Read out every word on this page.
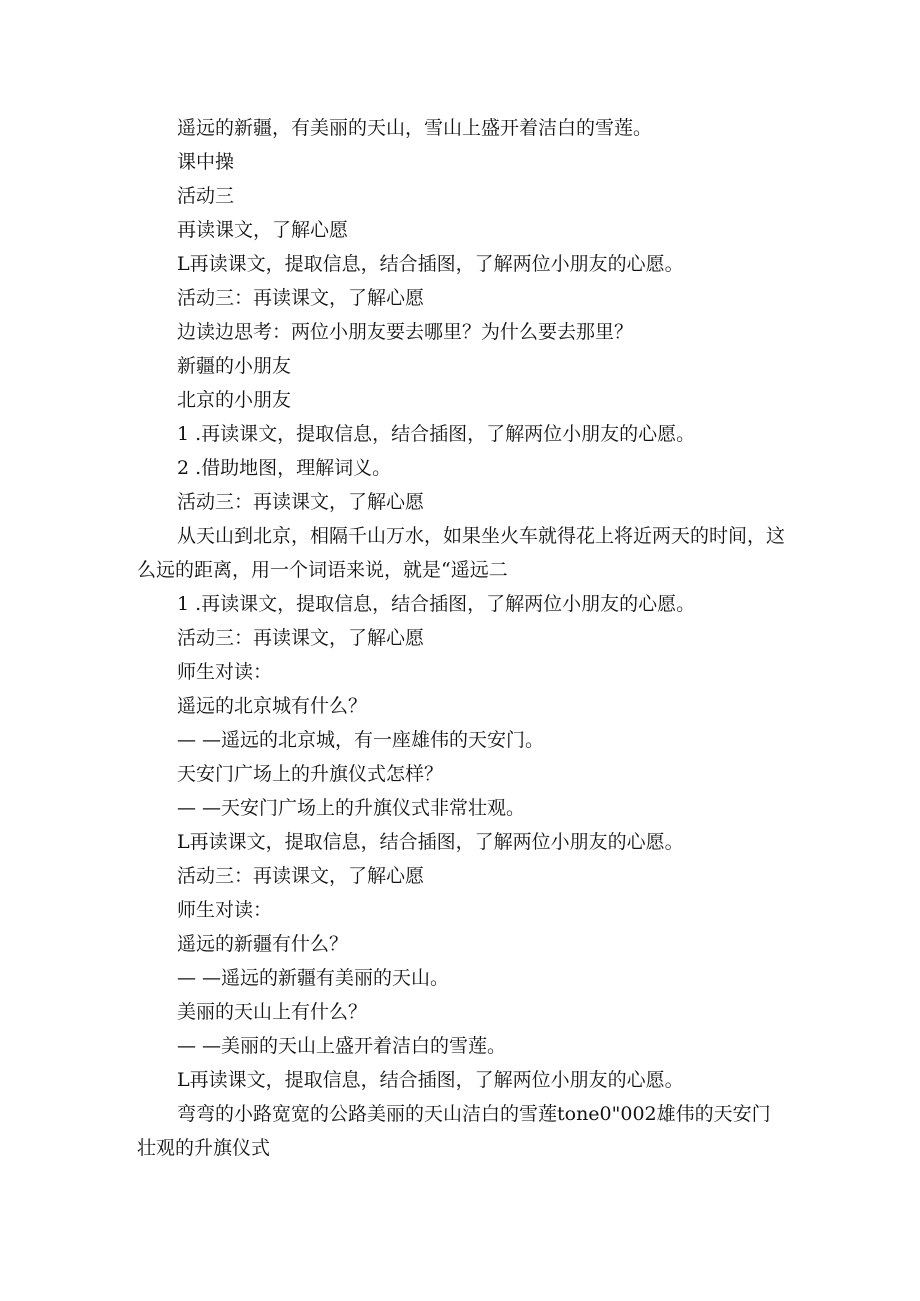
遥远的新疆，有美丽的天山，雪山上盛开着洁白的雪莲。
课中操
活动三
再读课文，了解心愿
L再读课文，提取信息，结合插图，了解两位小朋友的心愿。
活动三：再读课文，了解心愿
边读边思考：两位小朋友要去哪里？为什么要去那里？
新疆的小朋友
北京的小朋友
1 .再读课文，提取信息，结合插图，了解两位小朋友的心愿。
2 .借助地图，理解词义。
活动三：再读课文，了解心愿
从天山到北京，相隔千山万水，如果坐火车就得花上将近两天的时间，这么远的距离，用一个词语来说，就是“遥远二
1 .再读课文，提取信息，结合插图，了解两位小朋友的心愿。
活动三：再读课文，了解心愿
师生对读：
遥远的北京城有什么？
— —遥远的北京城，有一座雄伟的天安门。
天安门广场上的升旗仪式怎样？
— —天安门广场上的升旗仪式非常壮观。
L再读课文，提取信息，结合插图，了解两位小朋友的心愿。
活动三：再读课文，了解心愿
师生对读：
遥远的新疆有什么？
— —遥远的新疆有美丽的天山。
美丽的天山上有什么？
— —美丽的天山上盛开着洁白的雪莲。
L再读课文，提取信息，结合插图，了解两位小朋友的心愿。
弯弯的小路宽宽的公路美丽的天山洁白的雪莲tone0"002雄伟的天安门壮观的升旗仪式
